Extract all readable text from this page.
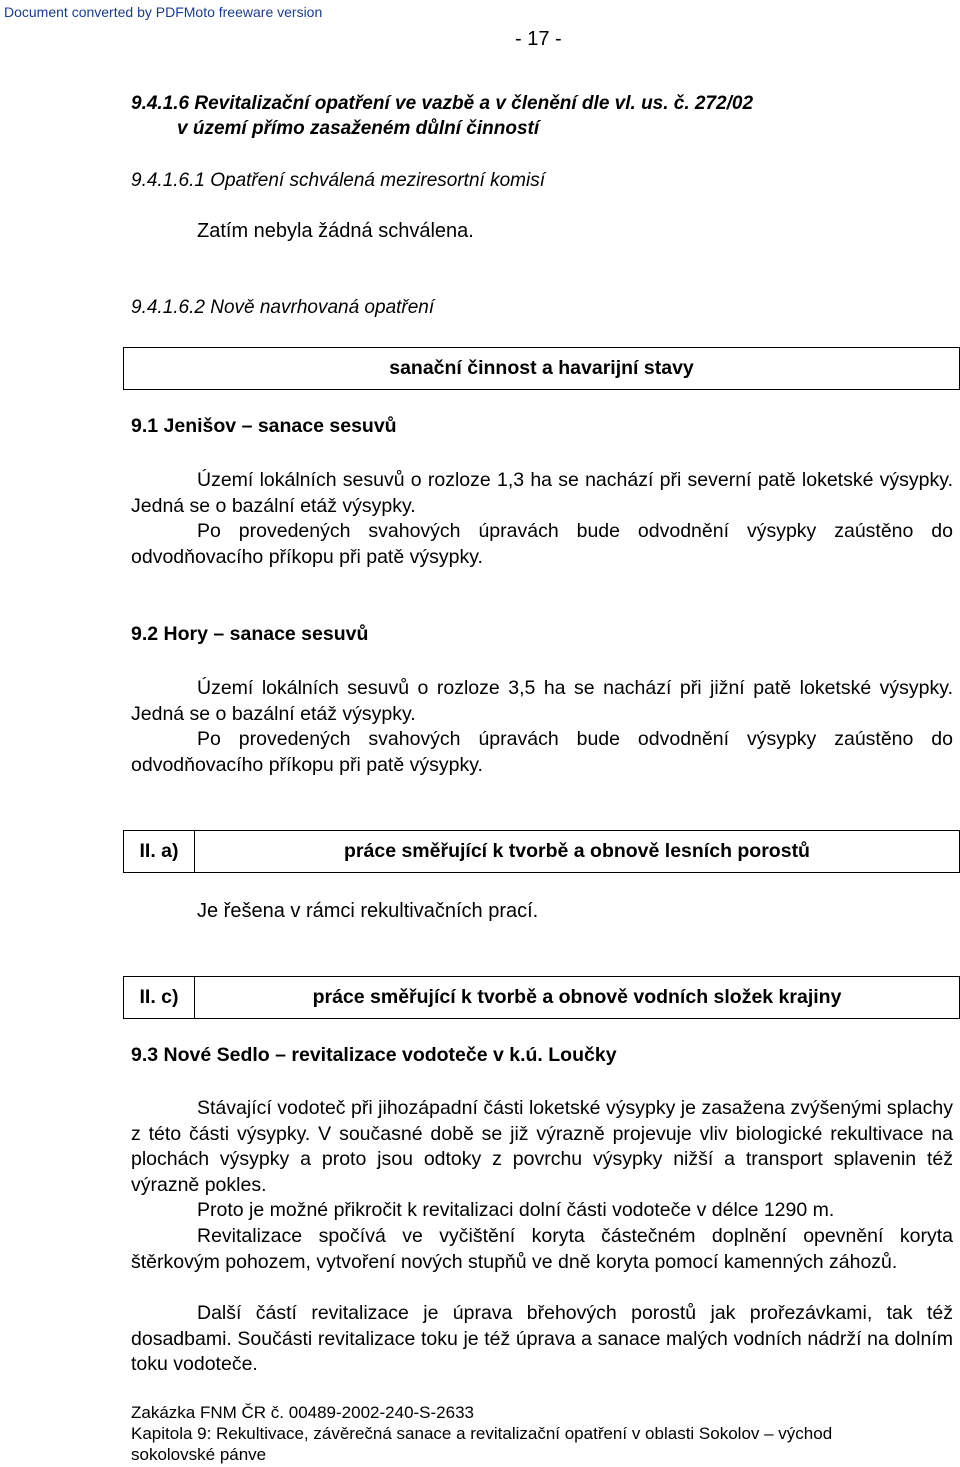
Document converted by PDFMoto freeware version
- 17 -
9.4.1.6 Revitalizační opatření ve vazbě a v členění dle vl. us. č. 272/02
v území přímo zasaženém důlní činností
9.4.1.6.1 Opatření schválená meziresortní komisí
Zatím nebyla žádná schválena.
9.4.1.6.2 Nově navrhovaná opatření
sanační činnost a havarijní stavy
9.1 Jenišov – sanace sesuvů
Území lokálních sesuvů o rozloze 1,3 ha se nachází při severní patě loketské výsypky. Jedná se o bazální etáž výsypky.
Po provedených svahových úpravách bude odvodnění výsypky zaústěno do odvodňovacího příkopu při patě výsypky.
9.2 Hory – sanace sesuvů
Území lokálních sesuvů o rozloze 3,5 ha se nachází při jižní patě loketské výsypky. Jedná se o bazální etáž výsypky.
Po provedených svahových úpravách bude odvodnění výsypky zaústěno do odvodňovacího příkopu při patě výsypky.
II. a)	práce směřující k tvorbě a obnově lesních porostů
Je řešena v rámci rekultivačních prací.
II. c)	práce směřující k tvorbě a obnově vodních složek krajiny
9.3 Nové Sedlo – revitalizace vodoteče v k.ú. Loučky
Stávající vodoteč při jihozápadní části loketské výsypky je zasažena zvýšenými splachy z této části výsypky. V současné době se již výrazně projevuje vliv biologické rekultivace na plochách výsypky a proto jsou odtoky z povrchu výsypky nižší a transport splavenin též výrazně pokles.
Proto je možné přikročit k revitalizaci dolní části vodoteče v délce 1290 m.
Revitalizace spočívá ve vyčištění koryta částečném doplnění opevnění koryta štěrkovým pohozem, vytvoření nových stupňů ve dně koryta pomocí kamenných záhozů.
Další částí revitalizace je úprava břehových porostů jak prořezávkami, tak též dosadbami. Součásti revitalizace toku je též úprava a sanace malých vodních nádrží na dolním toku vodoteče.
Zakázka FNM ČR č. 00489-2002-240-S-2633
Kapitola 9: Rekultivace, závěrečná sanace a revitalizační opatření v oblasti Sokolov – východ
sokolovské pánve
